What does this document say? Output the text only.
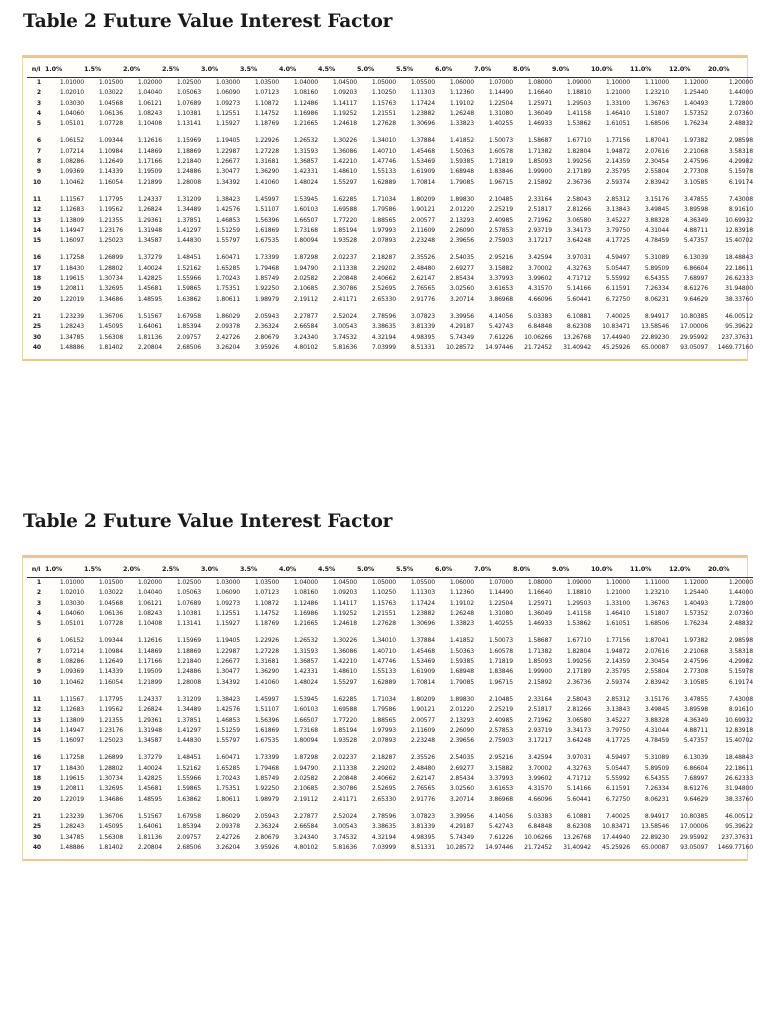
Table 2 Future Value Interest Factor
n/i	1.0%	1.5%	2.0%	2.5%	3.0%	3.5%	4.0%	4.5%	5.0%	5.5%	6.0%	7.0%	8.0%	9.0%	10.0%	11.0%	12.0%	20.0%
1	1.01000	1.01500	1.02000	1.02500	1.03000	1.03500	1.04000	1.04500	1.05000	1.05500	1.06000	1.07000	1.08000	1.09000	1.10000	1.11000	1.12000	1.20000
2	1.02010	1.03022	1.04040	1.05063	1.06090	1.07123	1.08160	1.09203	1.10250	1.11303	1.12360	1.14490	1.16640	1.18810	1.21000	1.23210	1.25440	1.44000
3	1.03030	1.04568	1.06121	1.07689	1.09273	1.10872	1.12486	1.14117	1.15763	1.17424	1.19102	1.22504	1.25971	1.29503	1.33100	1.36763	1.40493	1.72800
4	1.04060	1.06136	1.08243	1.10381	1.12551	1.14752	1.16986	1.19252	1.21551	1.23882	1.26248	1.31080	1.36049	1.41158	1.46410	1.51807	1.57352	2.07360
5	1.05101	1.07728	1.10408	1.13141	1.15927	1.18769	1.21665	1.24618	1.27628	1.30696	1.33823	1.40255	1.46933	1.53862	1.61051	1.68506	1.76234	2.48832
6	1.06152	1.09344	1.12616	1.15969	1.19405	1.22926	1.26532	1.30226	1.34010	1.37884	1.41852	1.50073	1.58687	1.67710	1.77156	1.87041	1.97382	2.98598
7	1.07214	1.10984	1.14869	1.18869	1.22987	1.27228	1.31593	1.36086	1.40710	1.45468	1.50363	1.60578	1.71382	1.82804	1.94872	2.07616	2.21068	3.58318
8	1.08286	1.12649	1.17166	1.21840	1.26677	1.31681	1.36857	1.42210	1.47746	1.53469	1.59385	1.71819	1.85093	1.99256	2.14359	2.30454	2.47596	4.29982
9	1.09369	1.14339	1.19509	1.24886	1.30477	1.36290	1.42331	1.48610	1.55133	1.61909	1.68948	1.83846	1.99900	2.17189	2.35795	2.55804	2.77308	5.15978
10	1.10462	1.16054	1.21899	1.28008	1.34392	1.41060	1.48024	1.55297	1.62889	1.70814	1.79085	1.96715	2.15892	2.36736	2.59374	2.83942	3.10585	6.19174
11	1.11567	1.17795	1.24337	1.31209	1.38423	1.45997	1.53945	1.62285	1.71034	1.80209	1.89830	2.10485	2.33164	2.58043	2.85312	3.15176	3.47855	7.43008
12	1.12683	1.19562	1.26824	1.34489	1.42576	1.51107	1.60103	1.69588	1.79586	1.90121	2.01220	2.25219	2.51817	2.81266	3.13843	3.49845	3.89598	8.91610
13	1.13809	1.21355	1.29361	1.37851	1.46853	1.56396	1.66507	1.77220	1.88565	2.00577	2.13293	2.40985	2.71962	3.06580	3.45227	3.88328	4.36349	10.69932
14	1.14947	1.23176	1.31948	1.41297	1.51259	1.61869	1.73168	1.85194	1.97993	2.11609	2.26090	2.57853	2.93719	3.34173	3.79750	4.31044	4.88711	12.83918
15	1.16097	1.25023	1.34587	1.44830	1.55797	1.67535	1.80094	1.93528	2.07893	2.23248	2.39656	2.75903	3.17217	3.64248	4.17725	4.78459	5.47357	15.40702
16	1.17258	1.26899	1.37279	1.48451	1.60471	1.73399	1.87298	2.02237	2.18287	2.35526	2.54035	2.95216	3.42594	3.97031	4.59497	5.31089	6.13039	18.48843
17	1.18430	1.28802	1.40024	1.52162	1.65285	1.79468	1.94790	2.11338	2.29202	2.48480	2.69277	3.15882	3.70002	4.32763	5.05447	5.89509	6.86604	22.18611
18	1.19615	1.30734	1.42825	1.55966	1.70243	1.85749	2.02582	2.20848	2.40662	2.62147	2.85434	3.37993	3.99602	4.71712	5.55992	6.54355	7.68997	26.62333
19	1.20811	1.32695	1.45681	1.59865	1.75351	1.92250	2.10685	2.30786	2.52695	2.76565	3.02560	3.61653	4.31570	5.14166	6.11591	7.26334	8.61276	31.94800
20	1.22019	1.34686	1.48595	1.63862	1.80611	1.98979	2.19112	2.41171	2.65330	2.91776	3.20714	3.86968	4.66096	5.60441	6.72750	8.06231	9.64629	38.33760
21	1.23239	1.36706	1.51567	1.67958	1.86029	2.05943	2.27877	2.52024	2.78596	3.07823	3.39956	4.14056	5.03383	6.10881	7.40025	8.94917	10.80385	46.00512
25	1.28243	1.45095	1.64061	1.85394	2.09378	2.36324	2.66584	3.00543	3.38635	3.81339	4.29187	5.42743	6.84848	8.62308	10.83471	13.58546	17.00006	95.39622
30	1.34785	1.56308	1.81136	2.09757	2.42726	2.80679	3.24340	3.74532	4.32194	4.98395	5.74349	7.61226	10.06266	13.26768	17.44940	22.89230	29.95992	237.37631
40	1.48886	1.81402	2.20804	2.68506	3.26204	3.95926	4.80102	5.81636	7.03999	8.51331	10.28572	14.97446	21.72452	31.40942	45.25926	65.00087	93.05097	1469.77160
Table 2 Future Value Interest Factor
n/i	1.0%	1.5%	2.0%	2.5%	3.0%	3.5%	4.0%	4.5%	5.0%	5.5%	6.0%	7.0%	8.0%	9.0%	10.0%	11.0%	12.0%	20.0%
1	1.01000	1.01500	1.02000	1.02500	1.03000	1.03500	1.04000	1.04500	1.05000	1.05500	1.06000	1.07000	1.08000	1.09000	1.10000	1.11000	1.12000	1.20000
2	1.02010	1.03022	1.04040	1.05063	1.06090	1.07123	1.08160	1.09203	1.10250	1.11303	1.12360	1.14490	1.16640	1.18810	1.21000	1.23210	1.25440	1.44000
3	1.03030	1.04568	1.06121	1.07689	1.09273	1.10872	1.12486	1.14117	1.15763	1.17424	1.19102	1.22504	1.25971	1.29503	1.33100	1.36763	1.40493	1.72800
4	1.04060	1.06136	1.08243	1.10381	1.12551	1.14752	1.16986	1.19252	1.21551	1.23882	1.26248	1.31080	1.36049	1.41158	1.46410	1.51807	1.57352	2.07360
5	1.05101	1.07728	1.10408	1.13141	1.15927	1.18769	1.21665	1.24618	1.27628	1.30696	1.33823	1.40255	1.46933	1.53862	1.61051	1.68506	1.76234	2.48832
6	1.06152	1.09344	1.12616	1.15969	1.19405	1.22926	1.26532	1.30226	1.34010	1.37884	1.41852	1.50073	1.58687	1.67710	1.77156	1.87041	1.97382	2.98598
7	1.07214	1.10984	1.14869	1.18869	1.22987	1.27228	1.31593	1.36086	1.40710	1.45468	1.50363	1.60578	1.71382	1.82804	1.94872	2.07616	2.21068	3.58318
8	1.08286	1.12649	1.17166	1.21840	1.26677	1.31681	1.36857	1.42210	1.47746	1.53469	1.59385	1.71819	1.85093	1.99256	2.14359	2.30454	2.47596	4.29982
9	1.09369	1.14339	1.19509	1.24886	1.30477	1.36290	1.42331	1.48610	1.55133	1.61909	1.68948	1.83846	1.99900	2.17189	2.35795	2.55804	2.77308	5.15978
10	1.10462	1.16054	1.21899	1.28008	1.34392	1.41060	1.48024	1.55297	1.62889	1.70814	1.79085	1.96715	2.15892	2.36736	2.59374	2.83942	3.10585	6.19174
11	1.11567	1.17795	1.24337	1.31209	1.38423	1.45997	1.53945	1.62285	1.71034	1.80209	1.89830	2.10485	2.33164	2.58043	2.85312	3.15176	3.47855	7.43008
12	1.12683	1.19562	1.26824	1.34489	1.42576	1.51107	1.60103	1.69588	1.79586	1.90121	2.01220	2.25219	2.51817	2.81266	3.13843	3.49845	3.89598	8.91610
13	1.13809	1.21355	1.29361	1.37851	1.46853	1.56396	1.66507	1.77220	1.88565	2.00577	2.13293	2.40985	2.71962	3.06580	3.45227	3.88328	4.36349	10.69932
14	1.14947	1.23176	1.31948	1.41297	1.51259	1.61869	1.73168	1.85194	1.97993	2.11609	2.26090	2.57853	2.93719	3.34173	3.79750	4.31044	4.88711	12.83918
15	1.16097	1.25023	1.34587	1.44830	1.55797	1.67535	1.80094	1.93528	2.07893	2.23248	2.39656	2.75903	3.17217	3.64248	4.17725	4.78459	5.47357	15.40702
16	1.17258	1.26899	1.37279	1.48451	1.60471	1.73399	1.87298	2.02237	2.18287	2.35526	2.54035	2.95216	3.42594	3.97031	4.59497	5.31089	6.13039	18.48843
17	1.18430	1.28802	1.40024	1.52162	1.65285	1.79468	1.94790	2.11338	2.29202	2.48480	2.69277	3.15882	3.70002	4.32763	5.05447	5.89509	6.86604	22.18611
18	1.19615	1.30734	1.42825	1.55966	1.70243	1.85749	2.02582	2.20848	2.40662	2.62147	2.85434	3.37993	3.99602	4.71712	5.55992	6.54355	7.68997	26.62333
19	1.20811	1.32695	1.45681	1.59865	1.75351	1.92250	2.10685	2.30786	2.52695	2.76565	3.02560	3.61653	4.31570	5.14166	6.11591	7.26334	8.61276	31.94800
20	1.22019	1.34686	1.48595	1.63862	1.80611	1.98979	2.19112	2.41171	2.65330	2.91776	3.20714	3.86968	4.66096	5.60441	6.72750	8.06231	9.64629	38.33760
21	1.23239	1.36706	1.51567	1.67958	1.86029	2.05943	2.27877	2.52024	2.78596	3.07823	3.39956	4.14056	5.03383	6.10881	7.40025	8.94917	10.80385	46.00512
25	1.28243	1.45095	1.64061	1.85394	2.09378	2.36324	2.66584	3.00543	3.38635	3.81339	4.29187	5.42743	6.84848	8.62308	10.83471	13.58546	17.00006	95.39622
30	1.34785	1.56308	1.81136	2.09757	2.42726	2.80679	3.24340	3.74532	4.32194	4.98395	5.74349	7.61226	10.06266	13.26768	17.44940	22.89230	29.95992	237.37631
40	1.48886	1.81402	2.20804	2.68506	3.26204	3.95926	4.80102	5.81636	7.03999	8.51331	10.28572	14.97446	21.72452	31.40942	45.25926	65.00087	93.05097	1469.77160
